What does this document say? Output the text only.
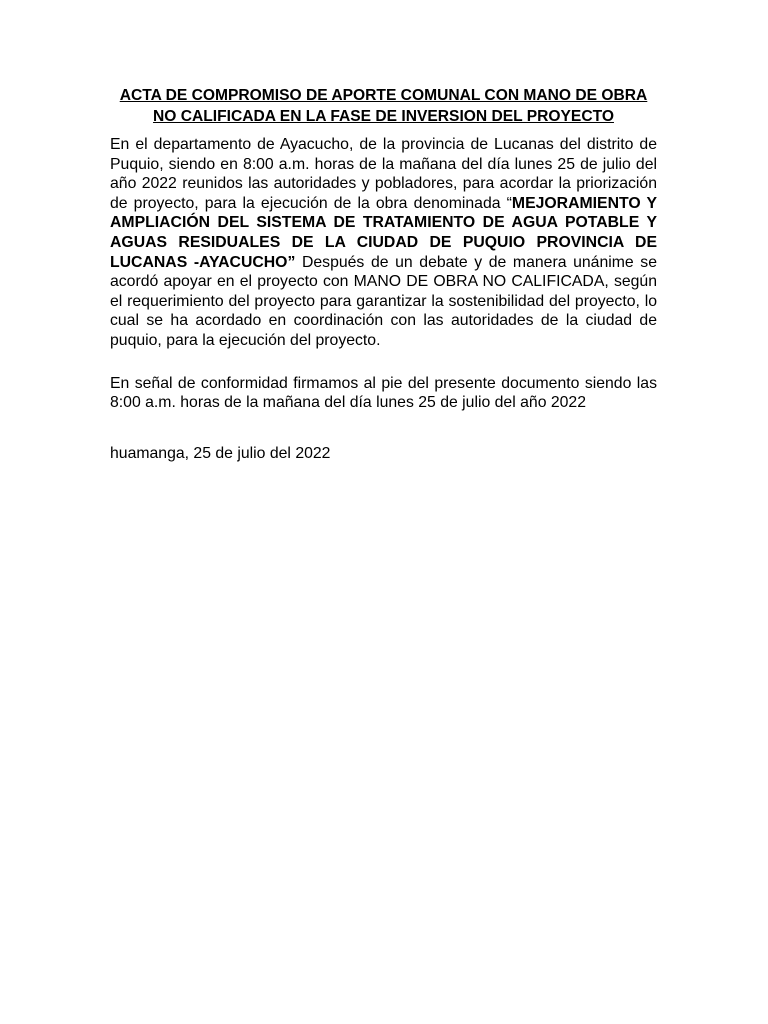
ACTA DE COMPROMISO DE APORTE COMUNAL CON MANO DE OBRA NO CALIFICADA EN LA FASE DE INVERSION DEL PROYECTO

En el departamento de Ayacucho, de la provincia de Lucanas del distrito de Puquio, siendo en 8:00 a.m. horas de la mañana del día lunes 25 de julio del año 2022 reunidos las autoridades y pobladores, para acordar la priorización de proyecto, para la ejecución de la obra denominada “MEJORAMIENTO Y AMPLIACIÓN DEL SISTEMA DE TRATAMIENTO DE AGUA POTABLE Y AGUAS RESIDUALES DE LA CIUDAD DE PUQUIO PROVINCIA DE LUCANAS -AYACUCHO” Después de un debate y de manera unánime se acordó apoyar en el proyecto con MANO DE OBRA NO CALIFICADA, según el requerimiento del proyecto para garantizar la sostenibilidad del proyecto, lo cual se ha acordado en coordinación con las autoridades de la ciudad de puquio, para la ejecución del proyecto.

En señal de conformidad firmamos al pie del presente documento siendo las 8:00 a.m. horas de la mañana del día lunes 25 de julio del año 2022

huamanga, 25 de julio del 2022
